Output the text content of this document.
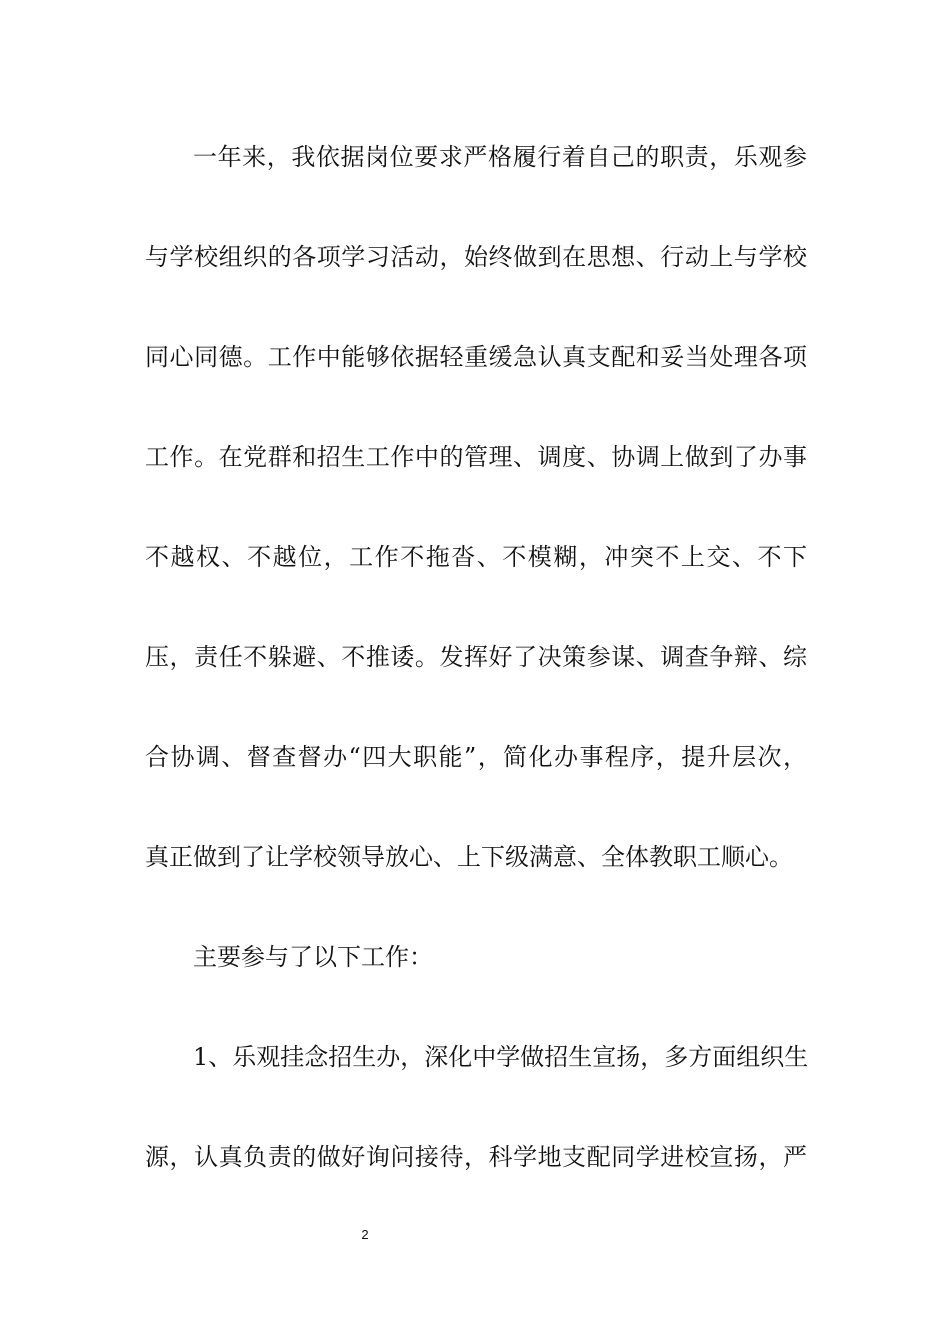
一年来，我依据岗位要求严格履行着自己的职责，乐观参
与学校组织的各项学习活动，始终做到在思想、行动上与学校
同心同德。工作中能够依据轻重缓急认真支配和妥当处理各项
工作。在党群和招生工作中的管理、调度、协调上做到了办事
不越权、不越位，工作不拖沓、不模糊，冲突不上交、不下
压，责任不躲避、不推诿。发挥好了决策参谋、调查争辩、综
合协调、督查督办“四大职能”，简化办事程序，提升层次，
真正做到了让学校领导放心、上下级满意、全体教职工顺心。
主要参与了以下工作：
1、乐观挂念招生办，深化中学做招生宣扬，多方面组织生
源，认真负责的做好询问接待，科学地支配同学进校宣扬，严
2
